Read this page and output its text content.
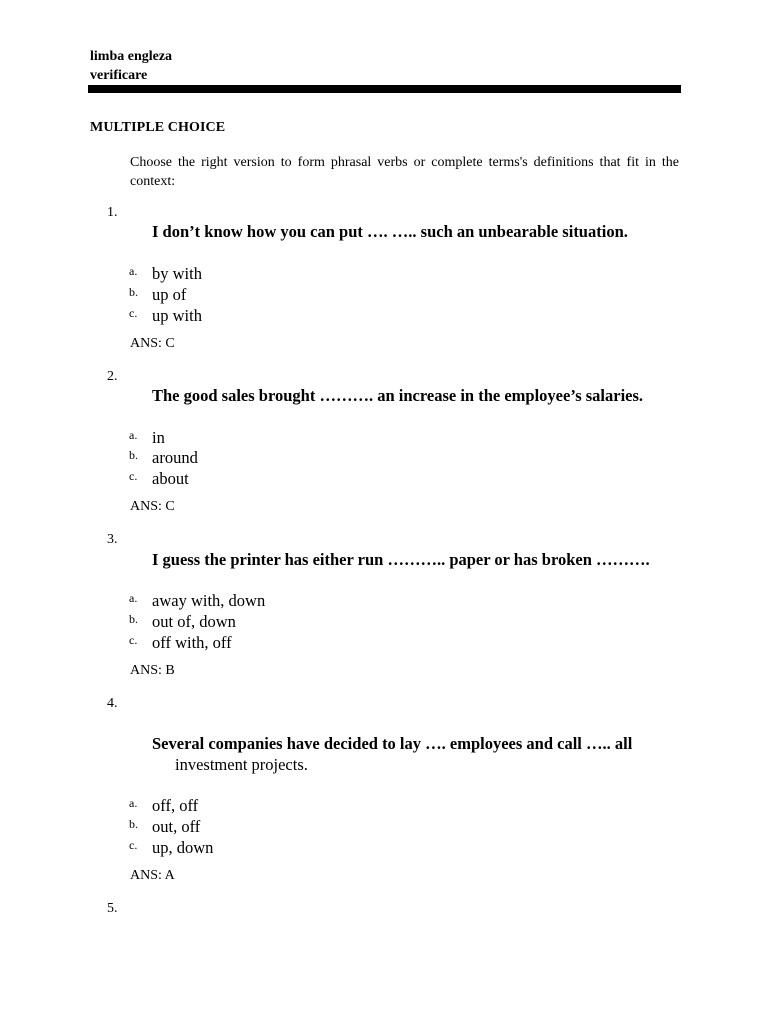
limba engleza
verificare
MULTIPLE CHOICE
Choose the right version to form phrasal verbs or complete terms's definitions that fit in the context:
1.
I don’t know how you can put …. ….. such an unbearable situation.
a. by with
b. up of
c. up with
ANS: C
2.
The good sales brought ………. an increase in the employee’s salaries.
a. in
b. around
c. about
ANS: C
3.
I guess the printer has either run ……….. paper or has broken ……….
a. away with, down
b. out of, down
c. off with, off
ANS: B
4.
Several companies have decided to lay …. employees and call ….. all
investment projects.
a. off, off
b. out, off
c. up, down
ANS: A
5.
